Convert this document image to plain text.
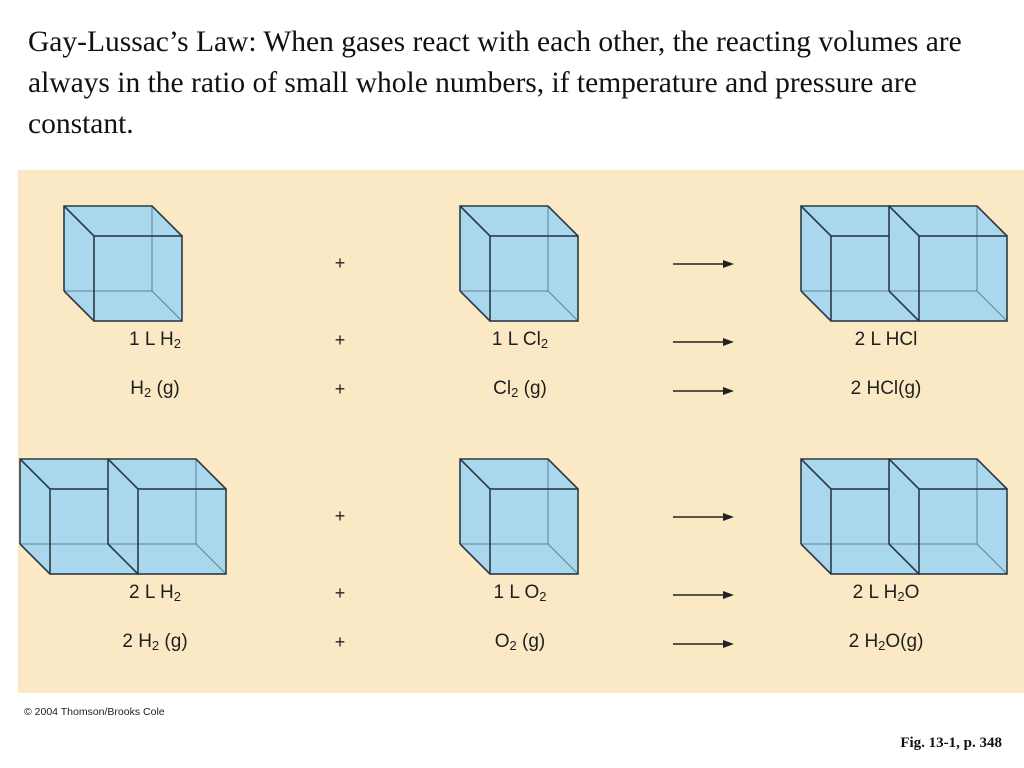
Gay-Lussac’s Law: When gases react with each other, the reacting volumes are always in the ratio of small whole numbers, if temperature and pressure are constant.
+
+
+
1 L $H_2$	1 L $Cl_2$	2 L HCl
$H_2$ (g)	$Cl_2$ (g)	2 HCl(g)
+
+
+
2 L $H_2$	1 L $O_2$	2 L $H_2O$
2 $H_2$ (g)	$O_2$ (g)	2 $H_2O(g)$
© 2004 Thomson/Brooks Cole
Fig. 13-1, p. 348
